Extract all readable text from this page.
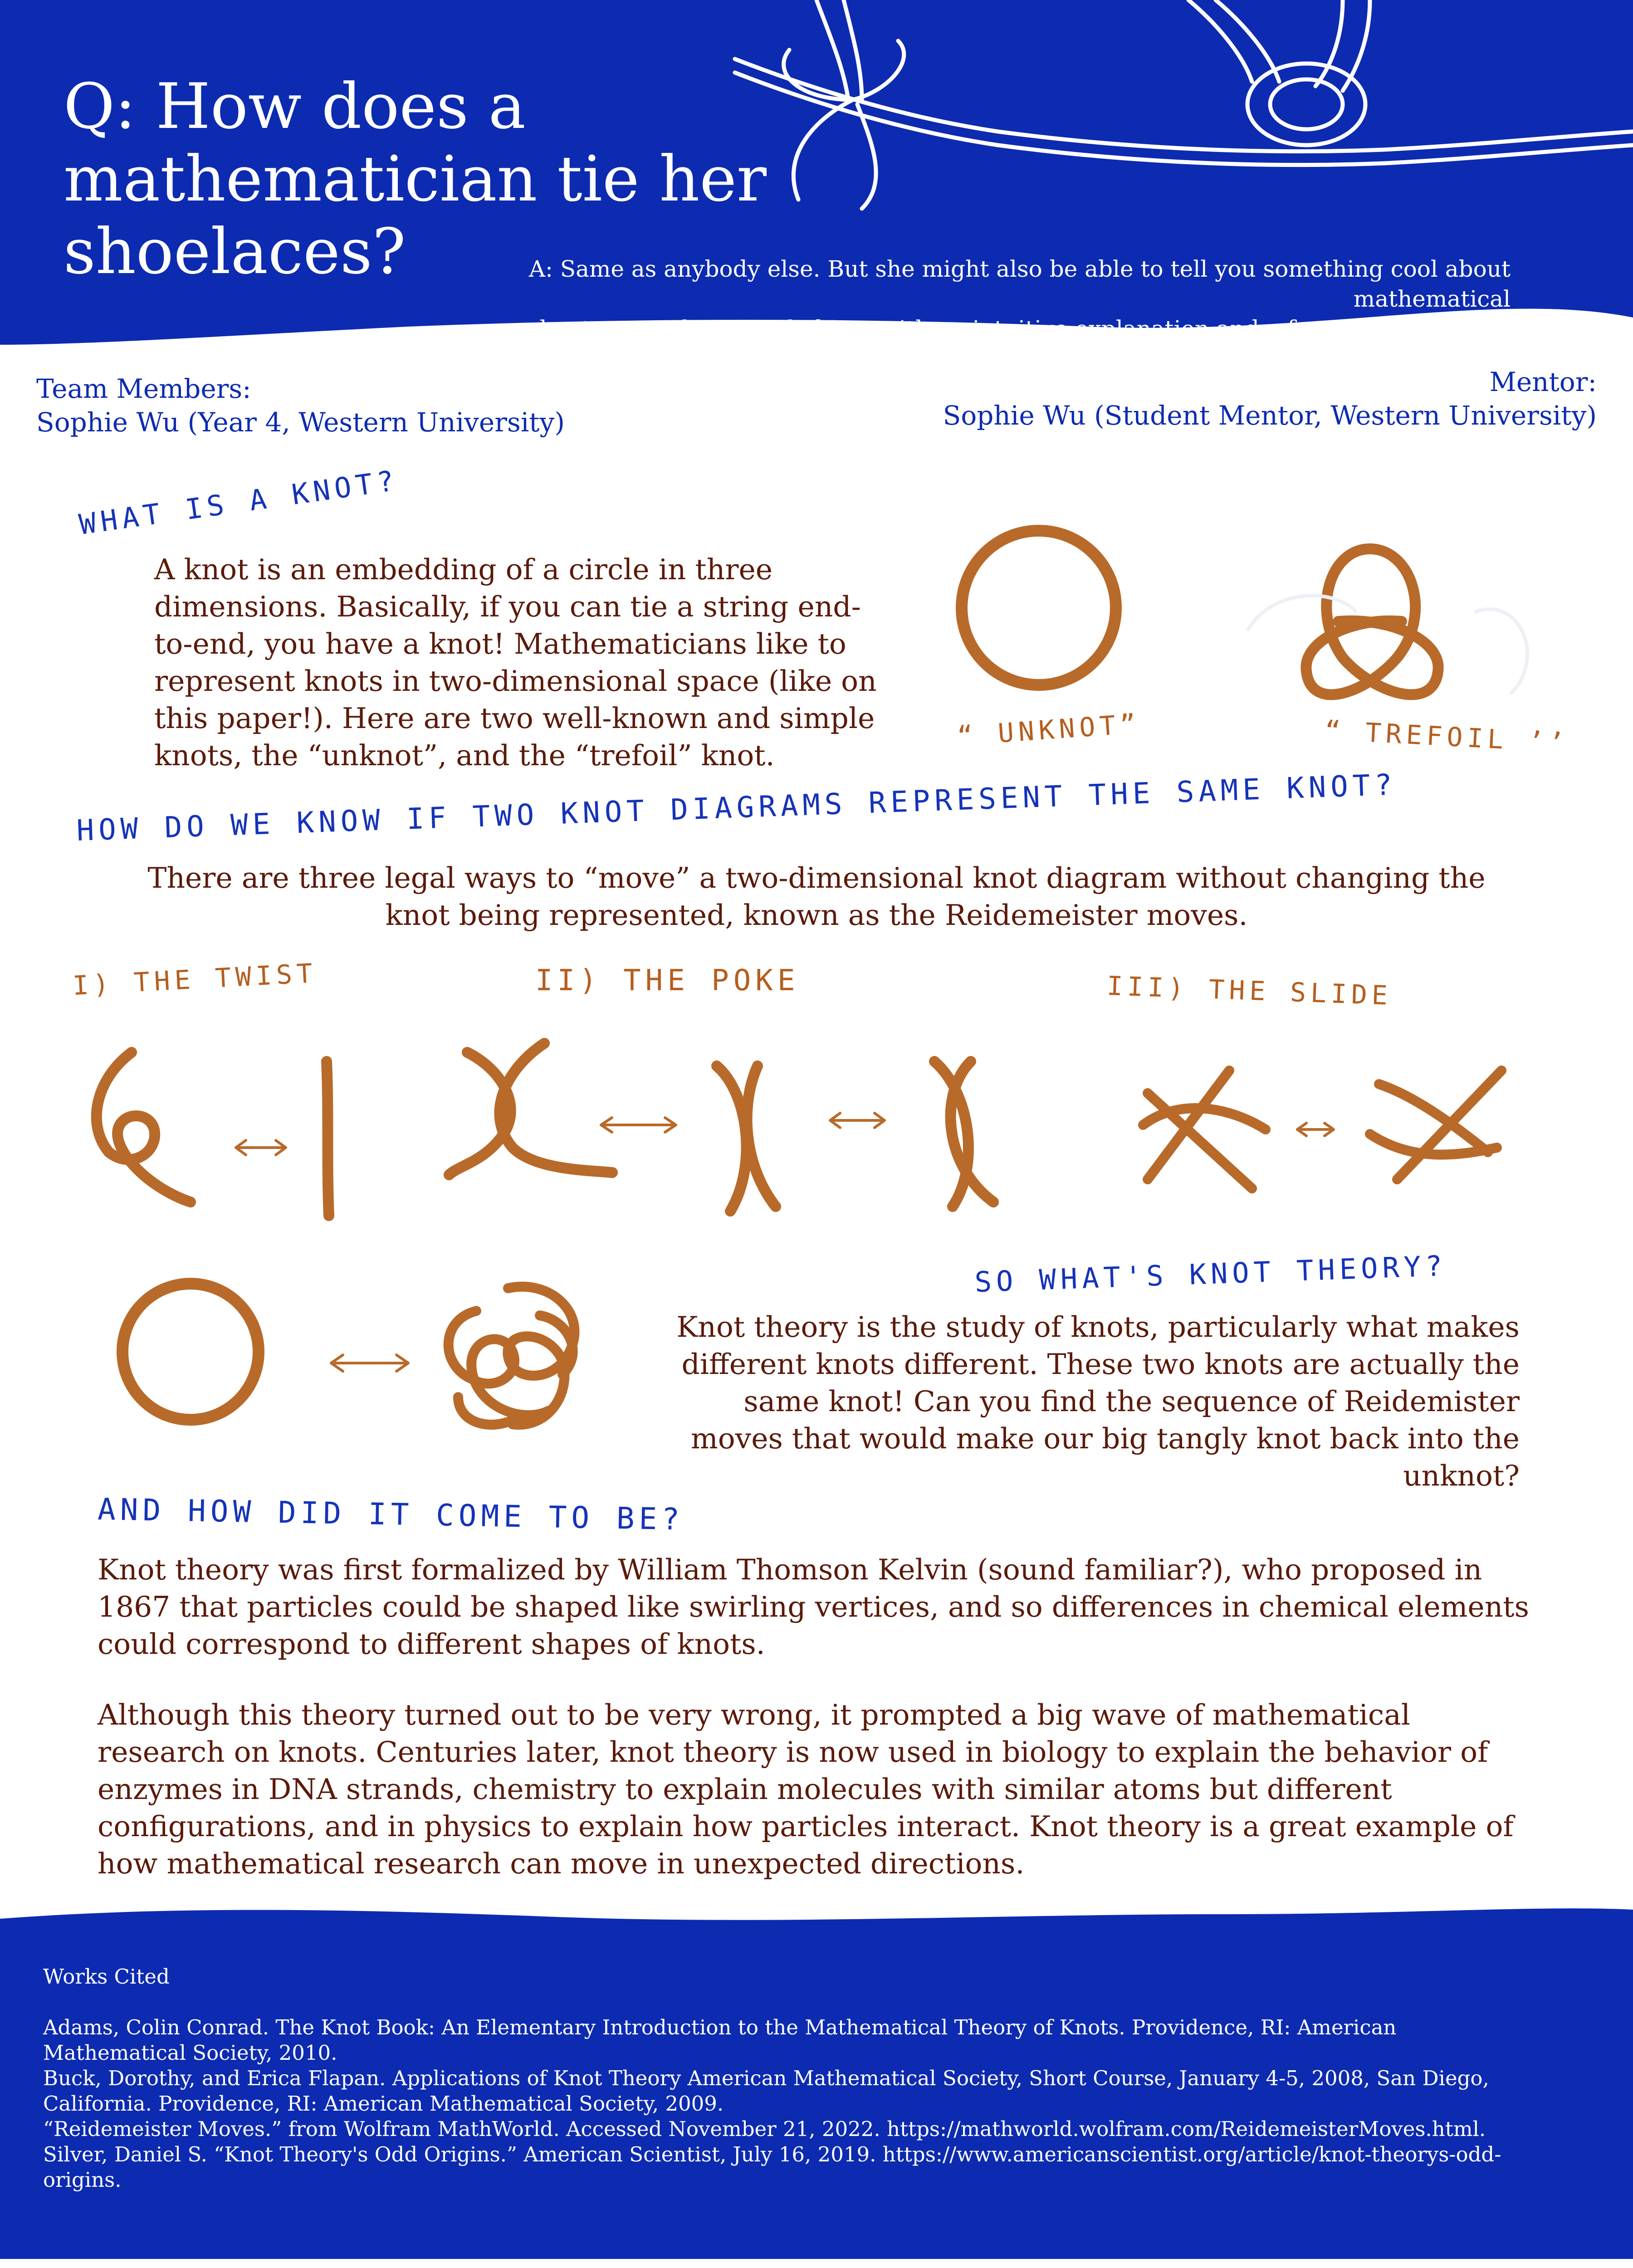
Q: How does a
mathematician tie her
shoelaces?	A: Same as anybody else. But she might also be able to tell you something cool about mathematical
knots, a mathematical object with an intuitive explanation and a fascinating history!
Team Members:
Sophie Wu (Year 4, Western University)
Mentor:
Sophie Wu (Student Mentor, Western University)
WHAT IS A KNOT?
A knot is an embedding of a circle in three dimensions. Basically, if you can tie a string end-to-end, you have a knot! Mathematicians like to represent knots in two-dimensional space (like on this paper!). Here are two well-known and simple knots, the “unknot”, and the “trefoil” knot.
“ UNKNOT”	“ TREFOIL ’’
HOW DO WE KNOW IF TWO KNOT DIAGRAMS REPRESENT THE SAME KNOT?
There are three legal ways to “move” a two-dimensional knot diagram without changing the knot being represented, known as the Reidemeister moves.
I) THE TWIST	II) THE POKE	III) THE SLIDE
SO WHAT'S KNOT THEORY?
Knot theory is the study of knots, particularly what makes different knots different. These two knots are actually the same knot! Can you find the sequence of Reidemister moves that would make our big tangly knot back into the unknot?
AND HOW DID IT COME TO BE?
Knot theory was first formalized by William Thomson Kelvin (sound familiar?), who proposed in 1867 that particles could be shaped like swirling vertices, and so differences in chemical elements could correspond to different shapes of knots.
Although this theory turned out to be very wrong, it prompted a big wave of mathematical research on knots. Centuries later, knot theory is now used in biology to explain the behavior of enzymes in DNA strands, chemistry to explain molecules with similar atoms but different configurations, and in physics to explain how particles interact. Knot theory is a great example of how mathematical research can move in unexpected directions.
Works Cited

Adams, Colin Conrad. The Knot Book: An Elementary Introduction to the Mathematical Theory of Knots. Providence, RI: American Mathematical Society, 2010.

Buck, Dorothy, and Erica Flapan. Applications of Knot Theory American Mathematical Society, Short Course, January 4-5, 2008, San Diego, California. Providence, RI: American Mathematical Society, 2009.

“Reidemeister Moves.” from Wolfram MathWorld. Accessed November 21, 2022. https://mathworld.wolfram.com/ReidemeisterMoves.html.

Silver, Daniel S. “Knot Theory's Odd Origins.” American Scientist, July 16, 2019. https://www.americanscientist.org/article/knot-theorys-odd-origins.
